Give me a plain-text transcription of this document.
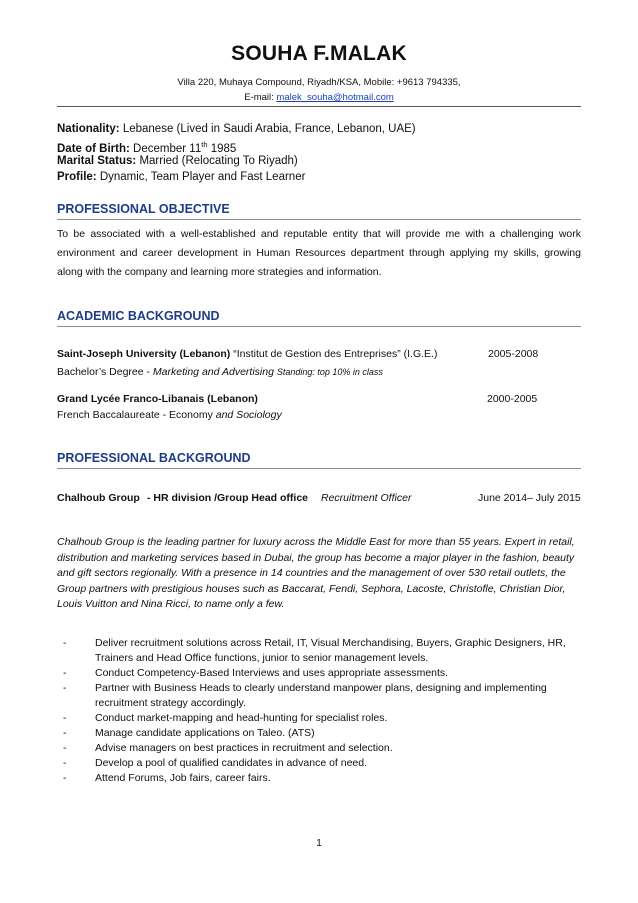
SOUHA F.MALAK
Villa 220, Muhaya Compound, Riyadh/KSA, Mobile: +9613 794335,
E-mail: malek_souha@hotmail.com
Nationality: Lebanese (Lived in Saudi Arabia, France, Lebanon, UAE)
Date of Birth: December 11th 1985
Marital Status: Married (Relocating To Riyadh)
Profile: Dynamic, Team Player and Fast Learner
PROFESSIONAL OBJECTIVE
To be associated with a well-established and reputable entity that will provide me with a challenging work environment and career development in Human Resources department through applying my skills, growing along with the company and learning more strategies and information.
ACADEMIC BACKGROUND
Saint-Joseph University (Lebanon) “Institut de Gestion des Entreprises” (I.G.E.)	2005-2008
Bachelor’s Degree - Marketing and Advertising Standing: top 10% in class
Grand Lycée Franco-Libanais (Lebanon)	2000-2005
French Baccalaureate - Economy and Sociology
PROFESSIONAL BACKGROUND
Chalhoub Group - HR division /Group Head office Recruitment Officer	June 2014– July 2015
Chalhoub Group is the leading partner for luxury across the Middle East for more than 55 years. Expert in retail, distribution and marketing services based in Dubai, the group has become a major player in the fashion, beauty and gift sectors regionally. With a presence in 14 countries and the management of over 530 retail outlets, the Group partners with prestigious houses such as Baccarat, Fendi, Sephora, Lacoste, Christofle, Christian Dior, Louis Vuitton and Nina Ricci, to name only a few.
-	Deliver recruitment solutions across Retail, IT, Visual Merchandising, Buyers, Graphic Designers, HR, Trainers and Head Office functions, junior to senior management levels.
-	Conduct Competency-Based Interviews and uses appropriate assessments.
-	Partner with Business Heads to clearly understand manpower plans, designing and implementing recruitment strategy accordingly.
-	Conduct market-mapping and head-hunting for specialist roles.
-	Manage candidate applications on Taleo. (ATS)
-	Advise managers on best practices in recruitment and selection.
-	Develop a pool of qualified candidates in advance of need.
-	Attend Forums, Job fairs, career fairs.
1
